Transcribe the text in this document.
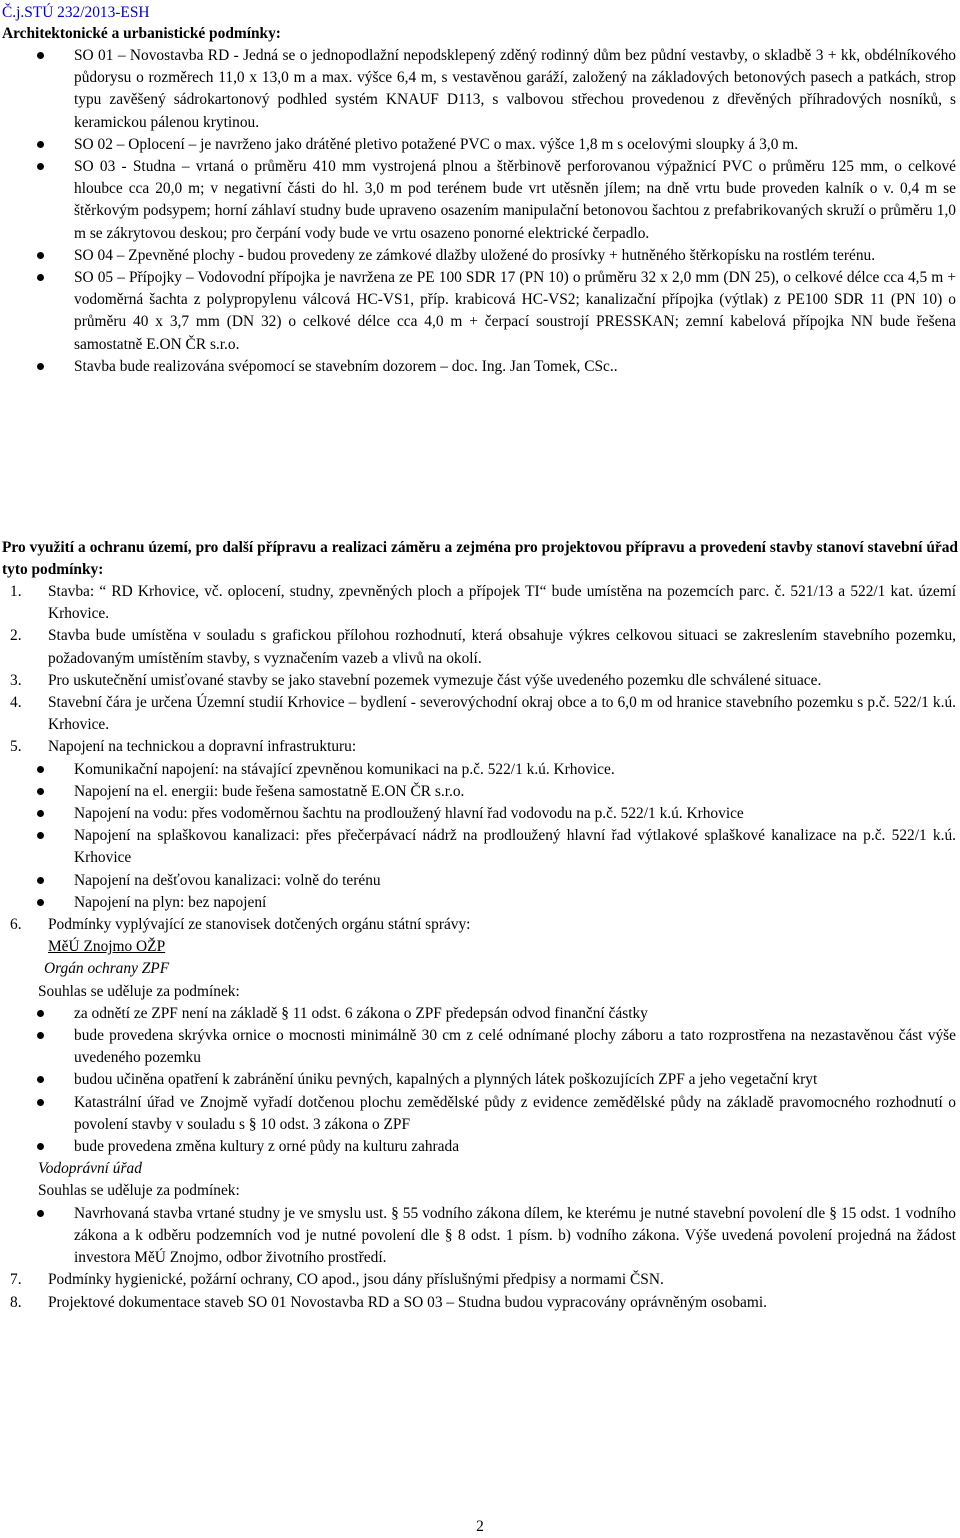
Č.j.STÚ 232/2013-ESH
Architektonické a urbanistické podmínky:
SO 01 – Novostavba RD - Jedná se o jednopodlažní nepodsklepený zděný rodinný dům bez půdní vestavby, o skladbě 3 + kk, obdélníkového půdorysu o rozměrech 11,0 x 13,0 m a max. výšce 6,4 m, s vestavěnou garáží, založený na základových betonových pasech a patkách, strop typu zavěšený sádrokartonový podhled systém KNAUF D113, s valbovou střechou provedenou z dřevěných příhradových nosníků, s keramickou pálenou krytinou.
SO 02 – Oplocení – je navrženo jako drátěné pletivo potažené PVC o max. výšce 1,8 m s ocelovými sloupky á 3,0 m.
SO 03 - Studna – vrtaná o průměru 410 mm vystrojená plnou a štěrbinově perforovanou výpažnicí PVC o průměru 125 mm, o celkové hloubce cca 20,0 m; v negativní části do hl. 3,0 m pod terénem bude vrt utěsněn jílem; na dně vrtu bude proveden kalník o v. 0,4 m se štěrkovým podsypem; horní záhlaví studny bude upraveno osazením manipulační betonovou šachtou z prefabrikovaných skruží o průměru 1,0 m se zákrytovou deskou; pro čerpání vody bude ve vrtu osazeno ponorné elektrické čerpadlo.
SO 04 – Zpevněné plochy - budou provedeny ze zámkové dlažby uložené do prosívky + hutněného štěrkopísku na rostlém terénu.
SO 05 – Přípojky – Vodovodní přípojka je navržena ze PE 100 SDR 17 (PN 10) o průměru 32 x 2,0 mm (DN 25), o celkové délce cca 4,5 m + vodoměrná šachta z polypropylenu válcová HC-VS1, příp. krabicová HC-VS2; kanalizační přípojka (výtlak) z PE100 SDR 11 (PN 10) o průměru 40 x 3,7 mm (DN 32) o celkové délce cca 4,0 m + čerpací soustrojí PRESSKAN; zemní kabelová přípojka NN bude řešena samostatně E.ON ČR s.r.o.
Stavba bude realizována svépomocí se stavebním dozorem – doc. Ing. Jan Tomek, CSc..
Pro využití a ochranu území, pro další přípravu a realizaci záměru a zejména pro projektovou přípravu a provedení stavby stanoví stavební úřad tyto podmínky:
1. Stavba: “ RD Krhovice, vč. oplocení, studny, zpevněných ploch a přípojek TI“ bude umístěna na pozemcích parc. č. 521/13 a 522/1 kat. území Krhovice.
2. Stavba bude umístěna v souladu s grafickou přílohou rozhodnutí, která obsahuje výkres celkovou situaci se zakreslením stavebního pozemku, požadovaným umístěním stavby, s vyznačením vazeb a vlivů na okolí.
3. Pro uskutečnění umisťované stavby se jako stavební pozemek vymezuje část výše uvedeného pozemku dle schválené situace.
4. Stavební čára je určena Územní studií Krhovice – bydlení - severovýchodní okraj obce a to 6,0 m od hranice stavebního pozemku s p.č. 522/1 k.ú. Krhovice.
5. Napojení na technickou a dopravní infrastrukturu:
Komunikační napojení: na stávající zpevněnou komunikaci na p.č. 522/1 k.ú. Krhovice.
Napojení na el. energii: bude řešena samostatně E.ON ČR s.r.o.
Napojení na vodu: přes vodoměrnou šachtu na prodloužený hlavní řad vodovodu na p.č. 522/1 k.ú. Krhovice
Napojení na splaškovou kanalizaci: přes přečerpávací nádrž na prodloužený hlavní řad výtlakové splaškové kanalizace na p.č. 522/1 k.ú. Krhovice
Napojení na dešťovou kanalizaci: volně do terénu
Napojení na plyn: bez napojení
6. Podmínky vyplývající ze stanovisek dotčených orgánu státní správy:
MěÚ Znojmo OŽP
Orgán ochrany ZPF
Souhlas se uděluje za podmínek:
za odnětí ze ZPF není na základě § 11 odst. 6 zákona o ZPF předepsán odvod finanční částky
bude provedena skrývka ornice o mocnosti minimálně 30 cm z celé odnímané plochy záboru a tato rozprostřena na nezastavěnou část výše uvedeného pozemku
budou učiněna opatření k zabránění úniku pevných, kapalných a plynných látek poškozujících ZPF a jeho vegetační kryt
Katastrální úřad ve Znojmě vyřadí dotčenou plochu zemědělské půdy z evidence zemědělské půdy na základě pravomocného rozhodnutí o povolení stavby v souladu s § 10 odst. 3 zákona o ZPF
bude provedena změna kultury z orné půdy na kulturu zahrada
Vodoprávní úřad
Souhlas se uděluje za podmínek:
Navrhovaná stavba vrtané studny je ve smyslu ust. § 55 vodního zákona dílem, ke kterému je nutné stavební povolení dle § 15 odst. 1 vodního zákona a k odběru podzemních vod je nutné povolení dle § 8 odst. 1 písm. b) vodního zákona. Výše uvedená povolení projedná na žádost investora MěÚ Znojmo, odbor životního prostředí.
7. Podmínky hygienické, požární ochrany, CO apod., jsou dány příslušnými předpisy a normami ČSN.
8. Projektové dokumentace staveb SO 01 Novostavba RD a SO 03 – Studna budou vypracovány oprávněným osobami.
2
